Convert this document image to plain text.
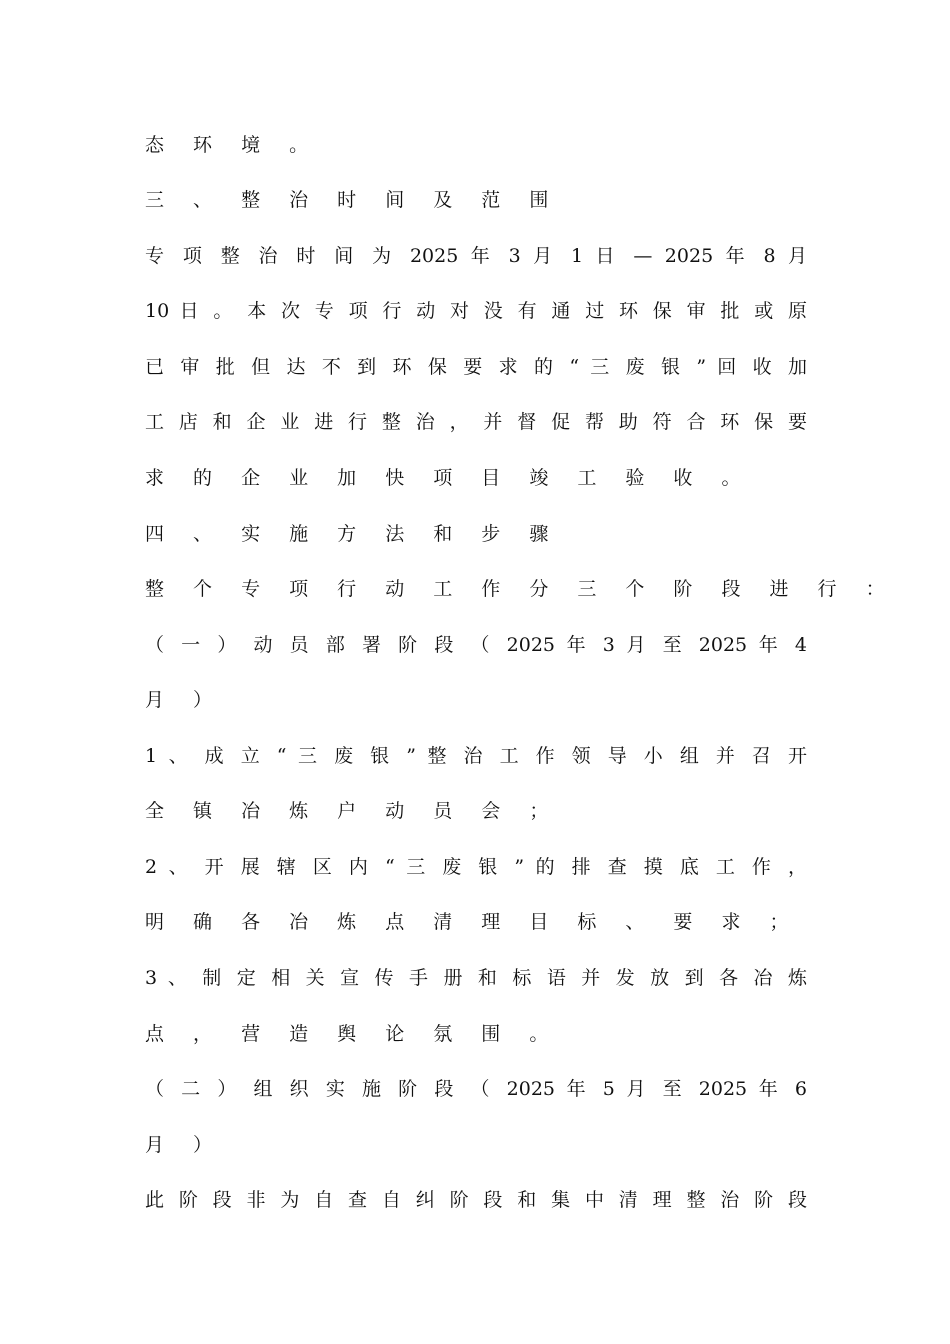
态 环 境 。
三 、 整 治 时 间 及 范 围
专 项 整 治 时 间 为 2025 年 3 月 1 日 — 2025 年 8 月
10 日 。 本 次 专 项 行 动 对 没 有 通 过 环 保 审 批 或 原
已 审 批 但 达 不 到 环 保 要 求 的 “ 三 废 银 ” 回 收 加
工 店 和 企 业 进 行 整 治 ， 并 督 促 帮 助 符 合 环 保 要
求 的 企 业 加 快 项 目 竣 工 验 收 。
四 、 实 施 方 法 和 步 骤
整 个 专 项 行 动 工 作 分 三 个 阶 段 进 行 ：
（ 一 ） 动 员 部 署 阶 段 （ 2025 年 3 月 至 2025 年 4
月 ）
1 、 成 立 “ 三 废 银 ” 整 治 工 作 领 导 小 组 并 召 开
全 镇 冶 炼 户 动 员 会 ；
2 、 开 展 辖 区 内 “ 三 废 银 ” 的 排 查 摸 底 工 作 ，
明 确 各 冶 炼 点 清 理 目 标 、 要 求 ；
3 、 制 定 相 关 宣 传 手 册 和 标 语 并 发 放 到 各 冶 炼
点 ， 营 造 舆 论 氛 围 。
（ 二 ） 组 织 实 施 阶 段 （ 2025 年 5 月 至 2025 年 6
月 ）
此 阶 段 非 为 自 查 自 纠 阶 段 和 集 中 清 理 整 治 阶 段
